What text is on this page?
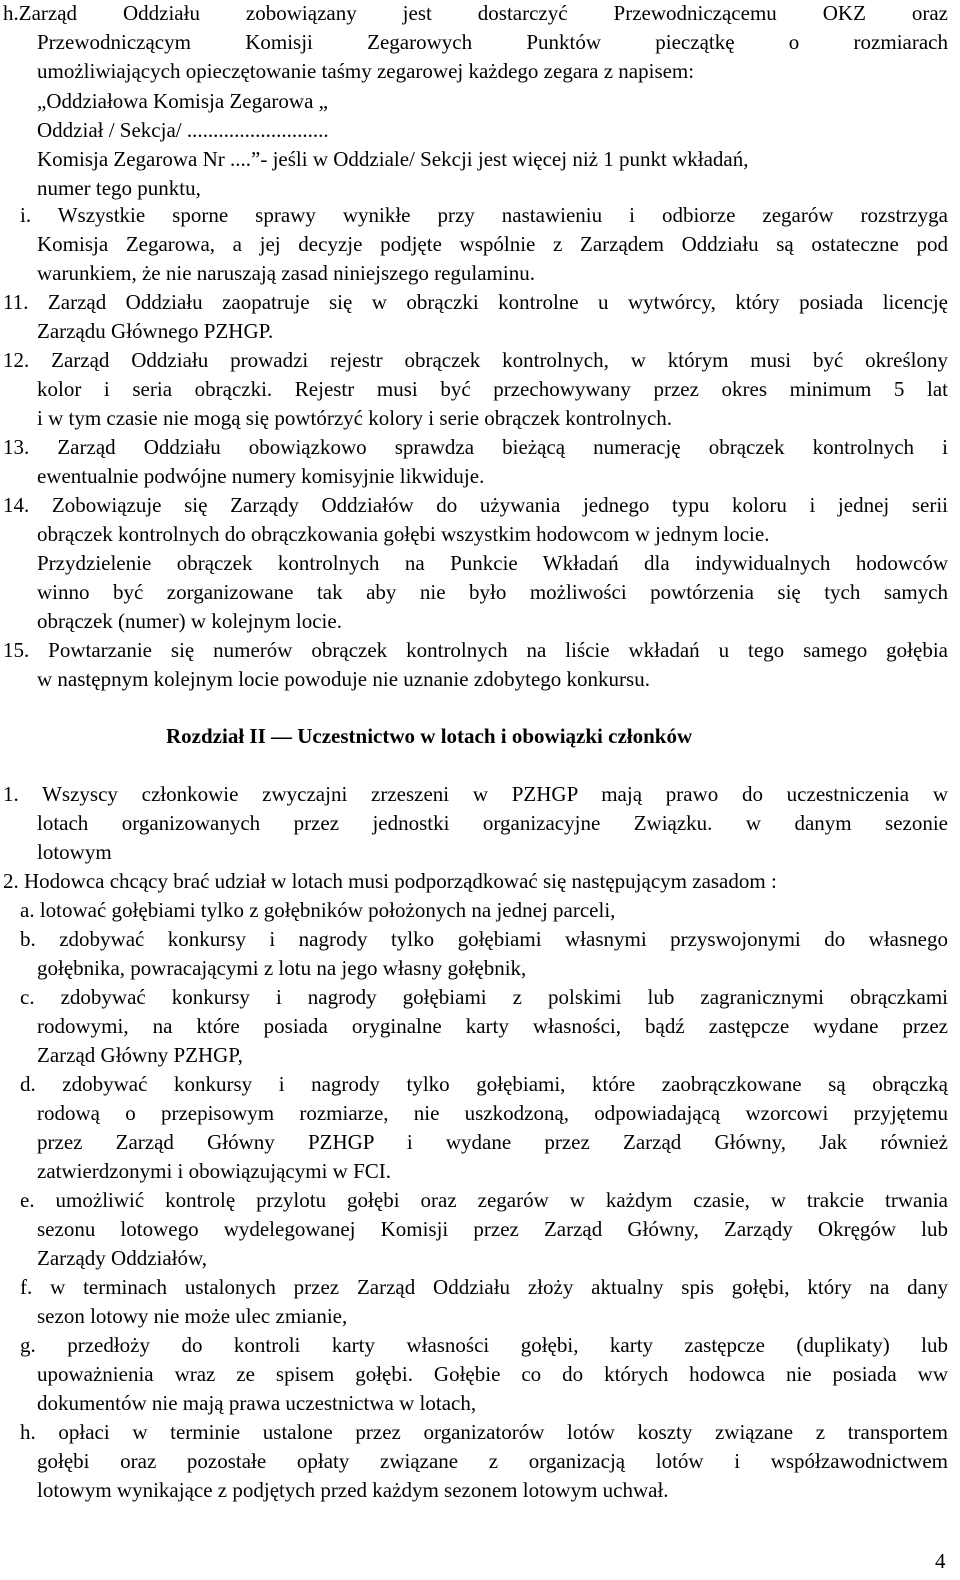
h.Zarząd Oddziału zobowiązany jest dostarczyć Przewodniczącemu OKZ oraz
Przewodniczącym Komisji Zegarowych Punktów pieczątkę o rozmiarach
umożliwiających opieczętowanie taśmy zegarowej każdego zegara z napisem:
„Oddziałowa Komisja Zegarowa „
Oddział / Sekcja/ ...........................
Komisja Zegarowa Nr ....”- jeśli w Oddziale/ Sekcji jest więcej niż 1 punkt wkładań,
numer tego punktu,
i. Wszystkie sporne sprawy wynikłe przy nastawieniu i odbiorze zegarów rozstrzyga
Komisja Zegarowa, a jej decyzje podjęte wspólnie z Zarządem Oddziału są ostateczne pod
warunkiem, że nie naruszają zasad niniejszego regulaminu.
11. Zarząd Oddziału zaopatruje się w obrączki kontrolne u wytwórcy, który posiada licencję
Zarządu Głównego PZHGP.
12. Zarząd Oddziału prowadzi rejestr obrączek kontrolnych, w którym musi być określony
kolor i seria obrączki. Rejestr musi być przechowywany przez okres minimum 5 lat
i w tym czasie nie mogą się powtórzyć kolory i serie obrączek kontrolnych.
13. Zarząd Oddziału obowiązkowo sprawdza bieżącą numerację obrączek kontrolnych i
ewentualnie podwójne numery komisyjnie likwiduje.
14. Zobowiązuje się Zarządy Oddziałów do używania jednego typu koloru i jednej serii
obrączek kontrolnych do obrączkowania gołębi wszystkim hodowcom w jednym locie.
Przydzielenie obrączek kontrolnych na Punkcie Wkładań dla indywidualnych hodowców
winno być zorganizowane tak aby nie było możliwości powtórzenia się tych samych
obrączek (numer) w kolejnym locie.
15. Powtarzanie się numerów obrączek kontrolnych na liście wkładań u tego samego gołębia
w następnym kolejnym locie powoduje nie uznanie zdobytego konkursu.
Rozdział II — Uczestnictwo w lotach i obowiązki członków
1. Wszyscy członkowie zwyczajni zrzeszeni w PZHGP mają prawo do uczestniczenia w
lotach organizowanych przez jednostki organizacyjne Związku. w danym sezonie
lotowym
2. Hodowca chcący brać udział w lotach musi podporządkować się następującym zasadom :
a. lotować gołębiami tylko z gołębników położonych na jednej parceli,
b. zdobywać konkursy i nagrody tylko gołębiami własnymi przyswojonymi do własnego
gołębnika, powracającymi z lotu na jego własny gołębnik,
c. zdobywać konkursy i nagrody gołębiami z polskimi lub zagranicznymi obrączkami
rodowymi, na które posiada oryginalne karty własności, bądź zastępcze wydane przez
Zarząd Główny PZHGP,
d. zdobywać konkursy i nagrody tylko gołębiami, które zaobrączkowane są obrączką
rodową o przepisowym rozmiarze, nie uszkodzoną, odpowiadającą wzorcowi przyjętemu
przez Zarząd Główny PZHGP i wydane przez Zarząd Główny, Jak również
zatwierdzonymi i obowiązującymi w FCI.
e. umożliwić kontrolę przylotu gołębi oraz zegarów w każdym czasie, w trakcie trwania
sezonu lotowego wydelegowanej Komisji przez Zarząd Główny, Zarządy Okręgów lub
Zarządy Oddziałów,
f. w terminach ustalonych przez Zarząd Oddziału złoży aktualny spis gołębi, który na dany
sezon lotowy nie może ulec zmianie,
g. przedłoży do kontroli karty własności gołębi, karty zastępcze (duplikaty) lub
upoważnienia wraz ze spisem gołębi. Gołębie co do których hodowca nie posiada ww
dokumentów nie mają prawa uczestnictwa w lotach,
h. opłaci w terminie ustalone przez organizatorów lotów koszty związane z transportem
gołębi oraz pozostałe opłaty związane z organizacją lotów i współzawodnictwem
lotowym wynikające z podjętych przed każdym sezonem lotowym uchwał.
4
